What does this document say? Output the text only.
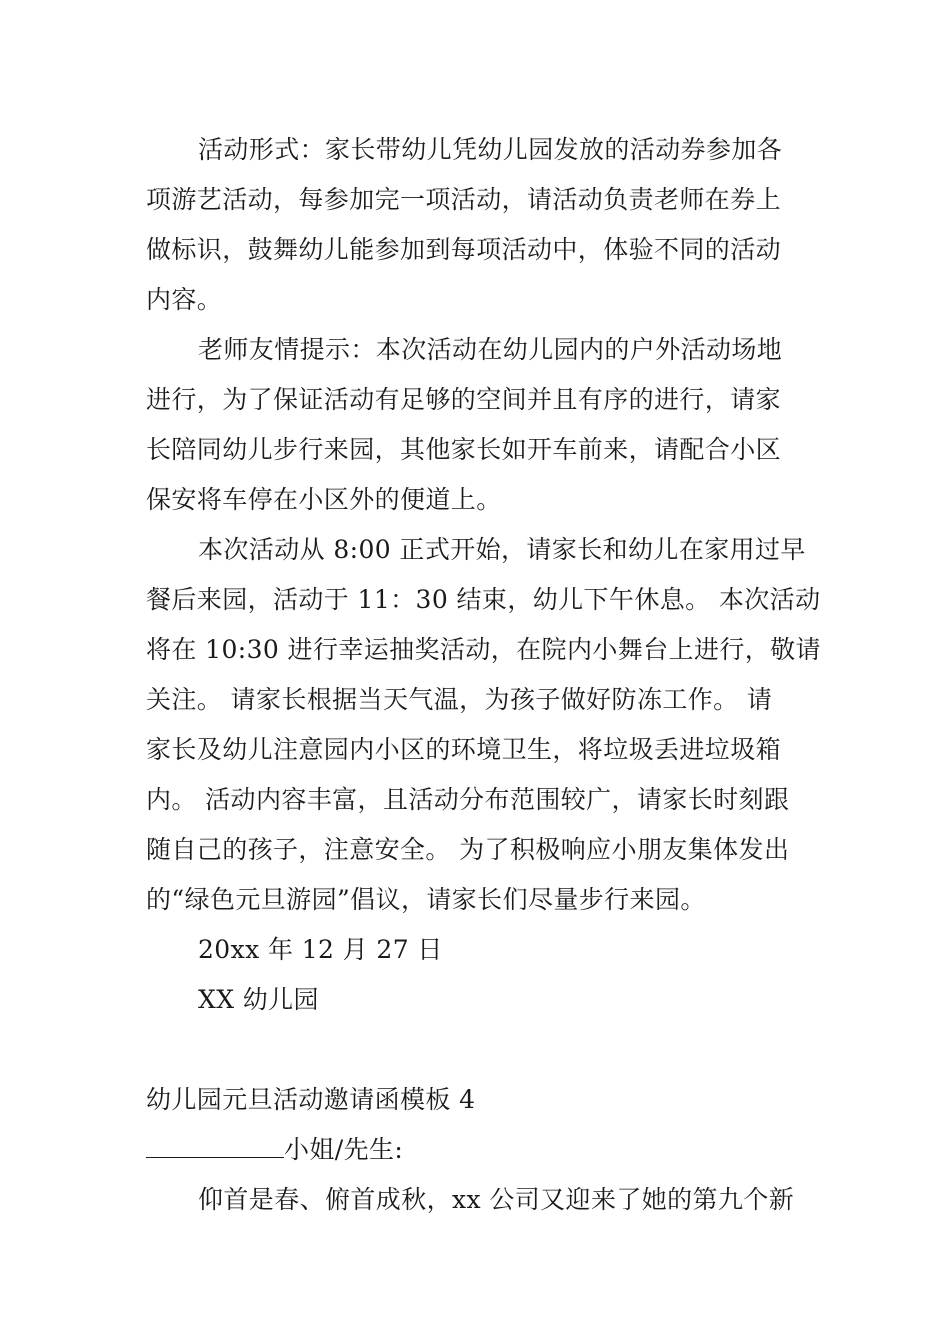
活动形式：家长带幼儿凭幼儿园发放的活动券参加各
项游艺活动，每参加完一项活动，请活动负责老师在券上
做标识，鼓舞幼儿能参加到每项活动中，体验不同的活动
内容。
老师友情提示：本次活动在幼儿园内的户外活动场地
进行，为了保证活动有足够的空间并且有序的进行，请家
长陪同幼儿步行来园，其他家长如开车前来，请配合小区
保安将车停在小区外的便道上。
本次活动从 8:00 正式开始，请家长和幼儿在家用过早
餐后来园，活动于 11：30 结束，幼儿下午休息。 本次活动
将在 10:30 进行幸运抽奖活动，在院内小舞台上进行，敬请
关注。 请家长根据当天气温，为孩子做好防冻工作。 请
家长及幼儿注意园内小区的环境卫生，将垃圾丢进垃圾箱
内。 活动内容丰富，且活动分布范围较广，请家长时刻跟
随自己的孩子，注意安全。 为了积极响应小朋友集体发出
的“绿色元旦游园”倡议，请家长们尽量步行来园。
20xx 年 12 月 27 日
XX 幼儿园
幼儿园元旦活动邀请函模板 4
小姐/先生:
仰首是春、俯首成秋，xx 公司又迎来了她的第九个新
